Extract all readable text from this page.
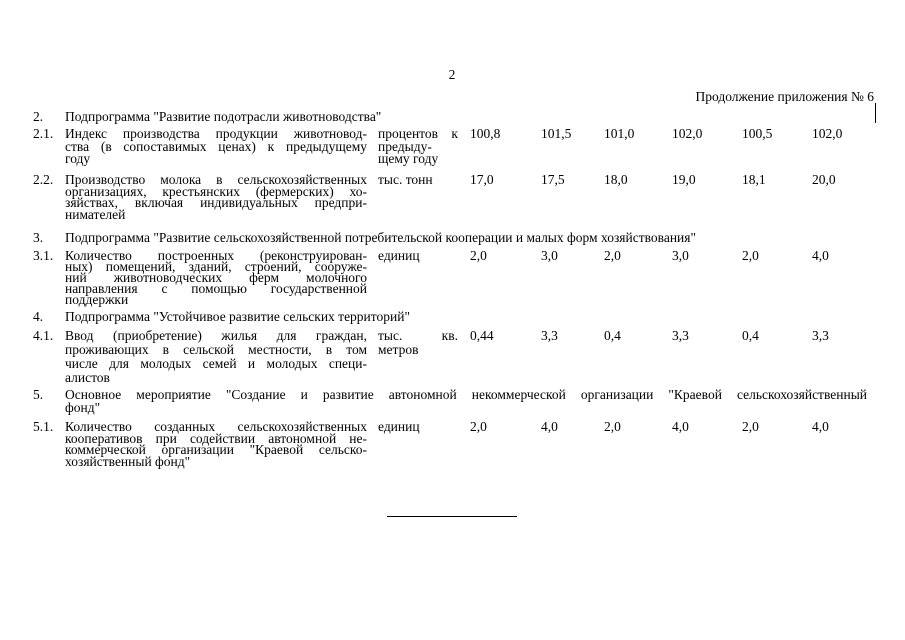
2
Продолжение приложения № 6
2. Подпрограмма "Развитие подотрасли животноводства"
2.1. Индекс производства продукции животновод-
ства (в сопоставимых ценах) к предыдущему
году
процентов к
предыду-
щему году
100,8	101,5 101,0	102,0	100,5	102,0
2.2. Производство молока в сельскохозяйственных
организациях, крестьянских (фермерских) хо-
зяйствах, включая индивидуальных предпри-
нимателей
тыс. тонн	17,0	17,5	18,0	19,0	18,1	20,0
3. Подпрограмма "Развитие сельскохозяйственной потребительской кооперации и малых форм хозяйствования"
3.1. Количество построенных (реконструирован-
ных) помещений, зданий, строений, сооруже-
ний животноводческих ферм молочного
направления с помощью государственной
поддержки
единиц	2,0	3,0	2,0	3,0	2,0	4,0
4. Подпрограмма "Устойчивое развитие сельских территорий"
4.1. Ввод (приобретение) жилья для граждан,
проживающих в сельской местности, в том
числе для молодых семей и молодых специ-
алистов
тыс. кв.
метров
0,44	3,3	0,4	3,3	0,4	3,3
5. Основное мероприятие "Создание и развитие автономной некоммерческой организации "Краевой сельскохозяйственный
фонд"
5.1. Количество созданных сельскохозяйственных
кооперативов при содействии автономной не-
коммерческой организации "Краевой сельско-
хозяйственный фонд"
единиц	2,0	4,0	2,0	4,0	2,0	4,0
